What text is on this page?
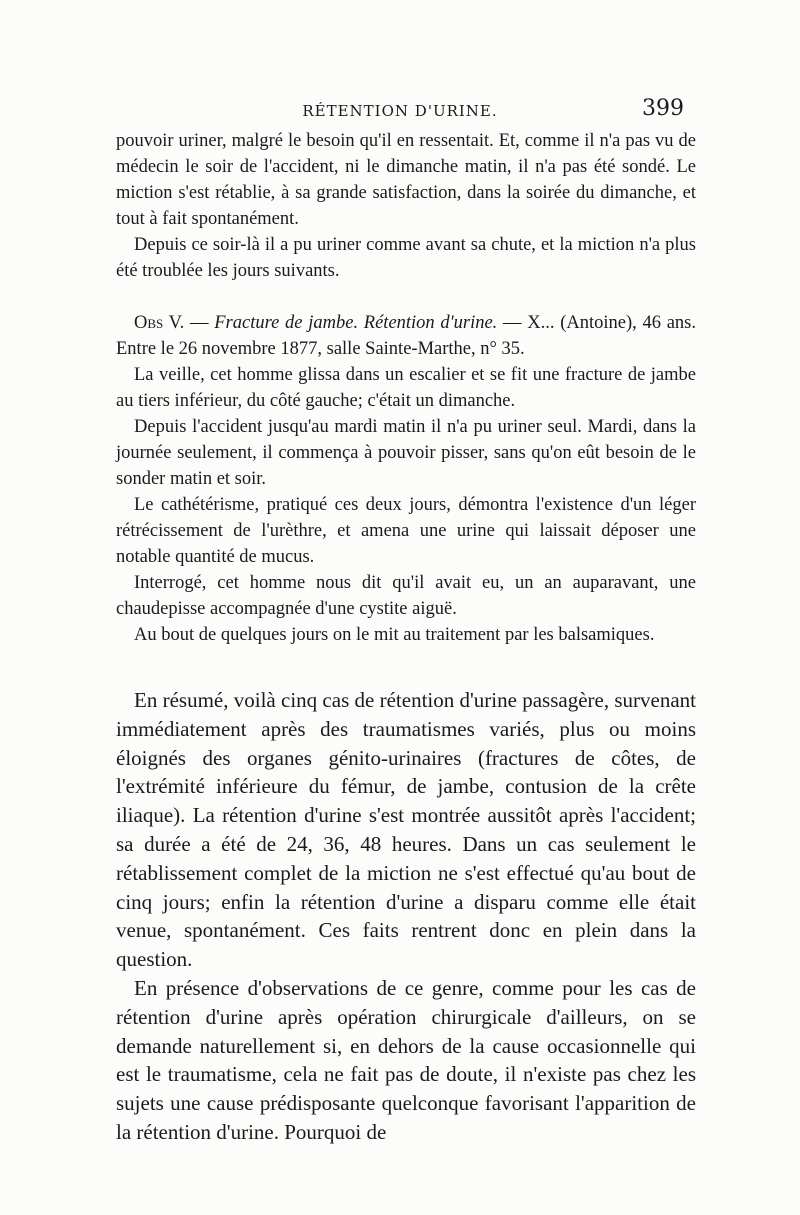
RÉTENTION D'URINE.	399

pouvoir uriner, malgré le besoin qu'il en ressentait. Et, comme il n'a pas vu de médecin le soir de l'accident, ni le dimanche matin, il n'a pas été sondé. Le miction s'est rétablie, à sa grande satisfaction, dans la soirée du dimanche, et tout à fait spontanément.

Depuis ce soir-là il a pu uriner comme avant sa chute, et la miction n'a plus été troublée les jours suivants.

Obs V. — Fracture de jambe. Rétention d'urine. — X... (Antoine), 46 ans. Entre le 26 novembre 1877, salle Sainte-Marthe, n° 35.

La veille, cet homme glissa dans un escalier et se fit une fracture de jambe au tiers inférieur, du côté gauche; c'était un dimanche.

Depuis l'accident jusqu'au mardi matin il n'a pu uriner seul. Mardi, dans la journée seulement, il commença à pouvoir pisser, sans qu'on eût besoin de le sonder matin et soir.

Le cathétérisme, pratiqué ces deux jours, démontra l'existence d'un léger rétrécissement de l'urèthre, et amena une urine qui laissait déposer une notable quantité de mucus.

Interrogé, cet homme nous dit qu'il avait eu, un an auparavant, une chaudepisse accompagnée d'une cystite aiguë.

Au bout de quelques jours on le mit au traitement par les balsamiques.

En résumé, voilà cinq cas de rétention d'urine passagère, survenant immédiatement après des traumatismes variés, plus ou moins éloignés des organes génito-urinaires (fractures de côtes, de l'extrémité inférieure du fémur, de jambe, contusion de la crête iliaque). La rétention d'urine s'est montrée aussitôt après l'accident; sa durée a été de 24, 36, 48 heures. Dans un cas seulement le rétablissement complet de la miction ne s'est effectué qu'au bout de cinq jours; enfin la rétention d'urine a disparu comme elle était venue, spontanément. Ces faits rentrent donc en plein dans la question.

En présence d'observations de ce genre, comme pour les cas de rétention d'urine après opération chirurgicale d'ailleurs, on se demande naturellement si, en dehors de la cause occasionnelle qui est le traumatisme, cela ne fait pas de doute, il n'existe pas chez les sujets une cause prédisposante quelconque favorisant l'apparition de la rétention d'urine. Pourquoi de
